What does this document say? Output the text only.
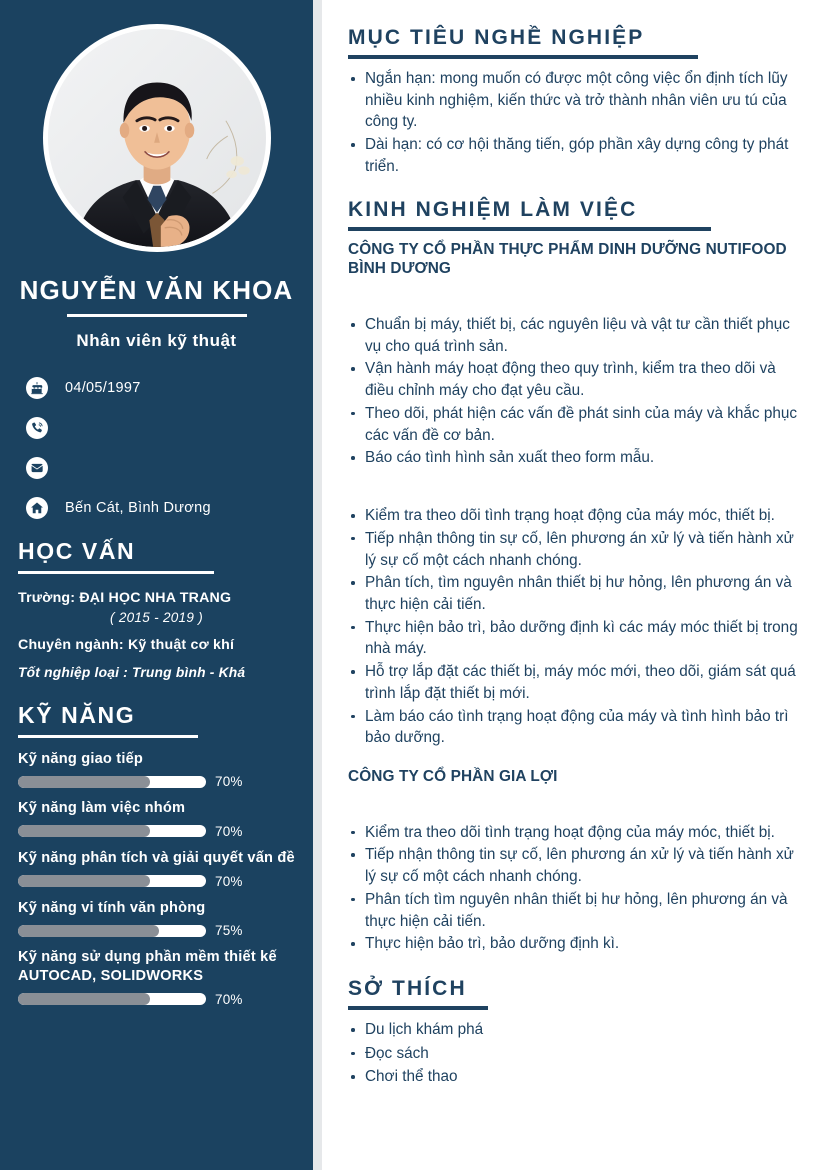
NGUYỄN VĂN KHOA
Nhân viên kỹ thuật
04/05/1997
Bến Cát, Bình Dương
HỌC VẤN
Trường: ĐẠI HỌC NHA TRANG
( 2015 - 2019 )
Chuyên ngành: Kỹ thuật cơ khí
Tốt nghiệp loại : Trung bình - Khá
KỸ NĂNG
Kỹ năng giao tiếp
70%
Kỹ năng làm việc nhóm
70%
Kỹ năng phân tích và giải quyết vấn đề
70%
Kỹ năng vi tính văn phòng
75%
Kỹ năng sử dụng phần mềm thiết kế AUTOCAD, SOLIDWORKS
70%
MỤC TIÊU NGHỀ NGHIỆP
Ngắn hạn: mong muốn có được một công việc ổn định tích lũy nhiều kinh nghiệm, kiến thức và trở thành nhân viên ưu tú của công ty.
Dài hạn: có cơ hội thăng tiến, góp phần xây dựng công ty phát triển.
KINH NGHIỆM LÀM VIỆC
CÔNG TY CỔ PHẦN THỰC PHẨM DINH DƯỠNG NUTIFOOD BÌNH DƯƠNG
Chuẩn bị máy, thiết bị, các nguyên liệu và vật tư cần thiết phục vụ cho quá trình sản.
Vận hành máy hoạt động theo quy trình, kiểm tra theo dõi và điều chỉnh máy cho đạt yêu cầu.
Theo dõi, phát hiện các vấn đề phát sinh của máy và khắc phục các vấn đề cơ bản.
Báo cáo tình hình sản xuất theo form mẫu.
Kiểm tra theo dõi tình trạng hoạt động của máy móc, thiết bị.
Tiếp nhận thông tin sự cố, lên phương án xử lý và tiến hành xử lý sự cố một cách nhanh chóng.
Phân tích, tìm nguyên nhân thiết bị hư hỏng, lên phương án và thực hiện cải tiến.
Thực hiện bảo trì, bảo dưỡng định kì các máy móc thiết bị trong nhà máy.
Hỗ trợ lắp đặt các thiết bị, máy móc mới, theo dõi, giám sát quá trình lắp đặt thiết bị mới.
Làm báo cáo tình trạng hoạt động của máy và tình hình bảo trì bảo dưỡng.
CÔNG TY CỔ PHẦN GIA LỢI
Kiểm tra theo dõi tình trạng hoạt động của máy móc, thiết bị.
Tiếp nhận thông tin sự cố, lên phương án xử lý và tiến hành xử lý sự cố một cách nhanh chóng.
Phân tích tìm nguyên nhân thiết bị hư hỏng, lên phương án và thực hiện cải tiến.
Thực hiện bảo trì, bảo dưỡng định kì.
SỞ THÍCH
Du lịch khám phá
Đọc sách
Chơi thể thao
